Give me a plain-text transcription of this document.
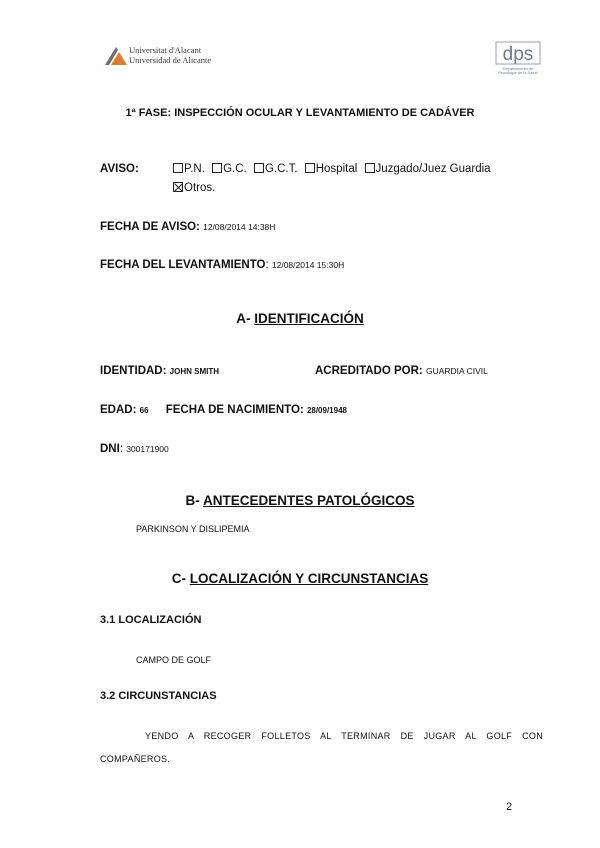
Universitat d'Alacant
Universidad de Alicante	dps
Departamento de
Psicología de la Salud
1ª FASE: INSPECCIÓN OCULAR Y LEVANTAMIENTO DE CADÁVER
AVISO:	P.N. G.C. G.C.T. Hospital Juzgado/Juez Guardia
Otros.
FECHA DE AVISO: 12/08/2014 14:38H
FECHA DEL LEVANTAMIENTO: 12/08/2014 15:30H
A- IDENTIFICACIÓN
IDENTIDAD: JOHN SMITH	ACREDITADO POR: GUARDIA CIVIL
EDAD: 66 FECHA DE NACIMIENTO: 28/09/1948
DNI: 300171900
B- ANTECEDENTES PATOLÓGICOS
PARKINSON Y DISLIPEMIA
C- LOCALIZACIÓN Y CIRCUNSTANCIAS
3.1 LOCALIZACIÓN
CAMPO DE GOLF
3.2 CIRCUNSTANCIAS
YENDO A RECOGER FOLLETOS AL TERMINAR DE JUGAR AL GOLF CON COMPAÑEROS.
2
